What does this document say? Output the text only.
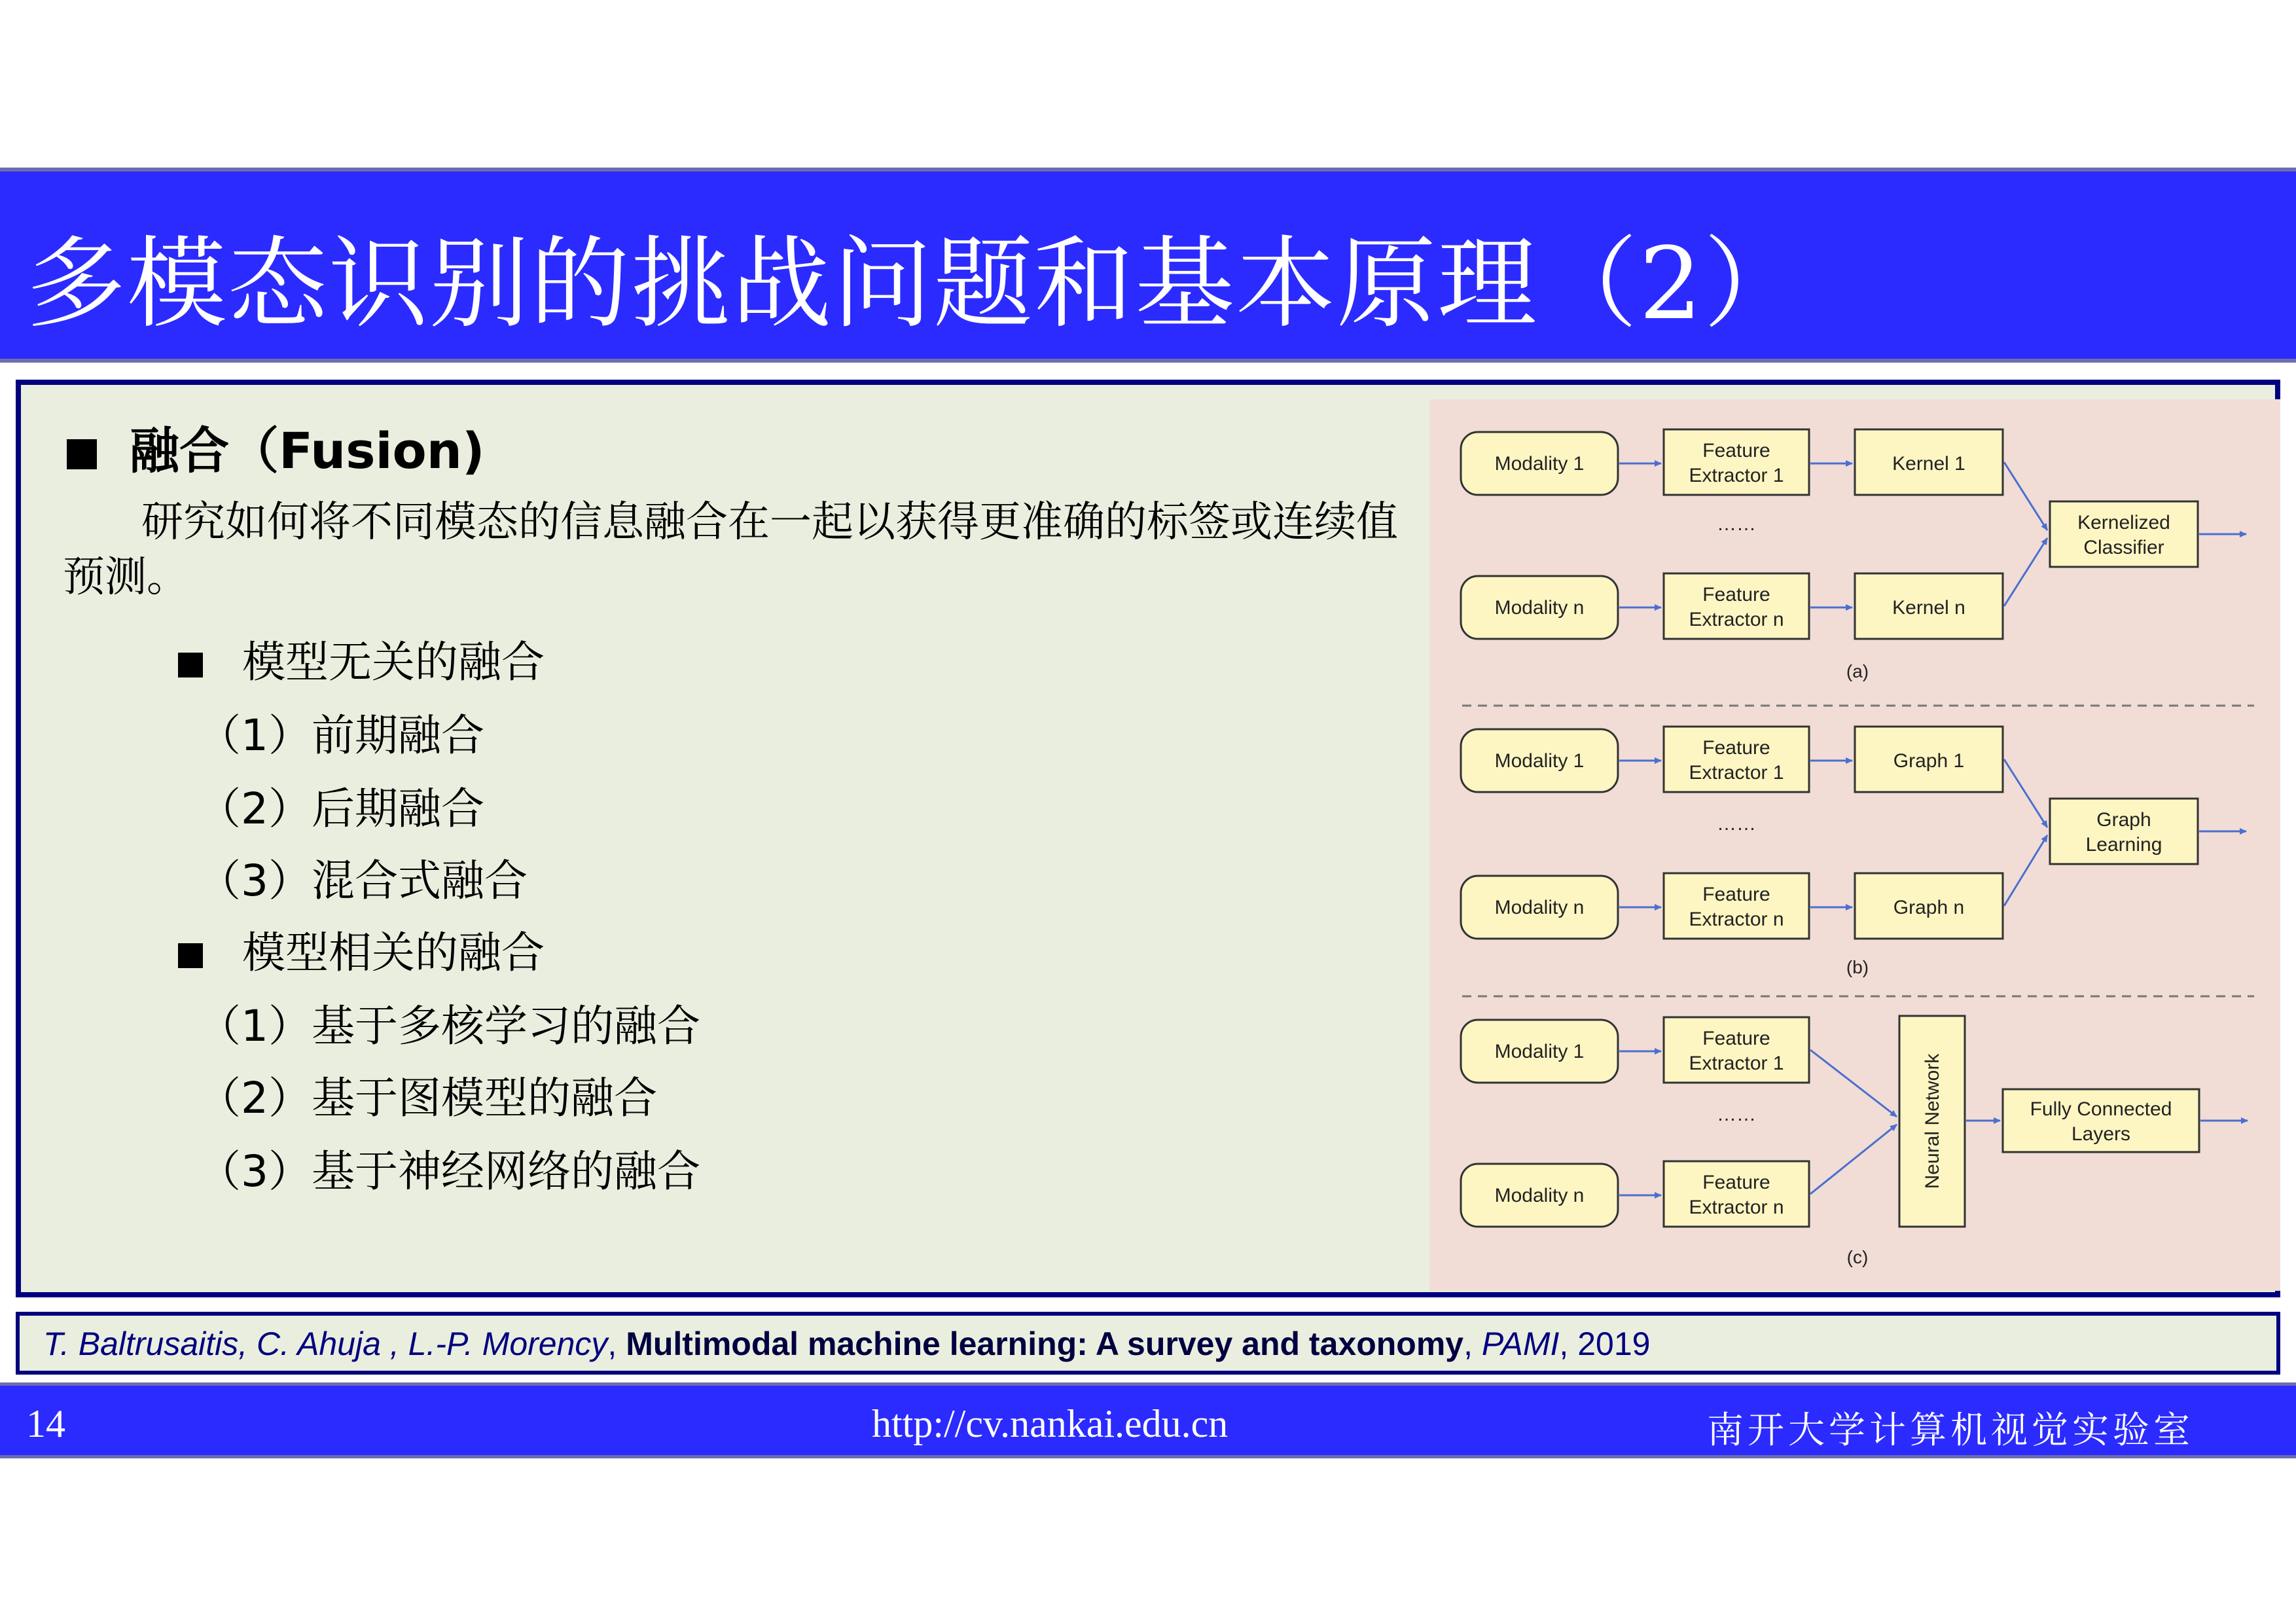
多模态识别的挑战问题和基本原理（2）
融合（Fusion)
研究如何将不同模态的信息融合在一起以获得更准确的标签或连续值预测。
模型无关的融合
（1）前期融合
（2）后期融合
（3）混合式融合
模型相关的融合
（1）基于多核学习的融合
（2）基于图模型的融合
（3）基于神经网络的融合
Modality 1
Feature
Extractor 1
Kernel 1
……
Modality n
Feature
Extractor n
Kernel n
Kernelized
Classifier
(a)
Modality 1
Feature
Extractor 1
Graph 1
……
Modality n
Feature
Extractor n
Graph n
Graph
Learning
(b)
Modality 1
Feature
Extractor 1
……
Modality n
Feature
Extractor n
Neural Network	Fully Connected
Layers
(c)
T. Baltrusaitis, C. Ahuja , L.-P. Morency, Multimodal machine learning: A survey and taxonomy, PAMI, 2019
14	http://cv.nankai.edu.cn	南开大学计算机视觉实验室
